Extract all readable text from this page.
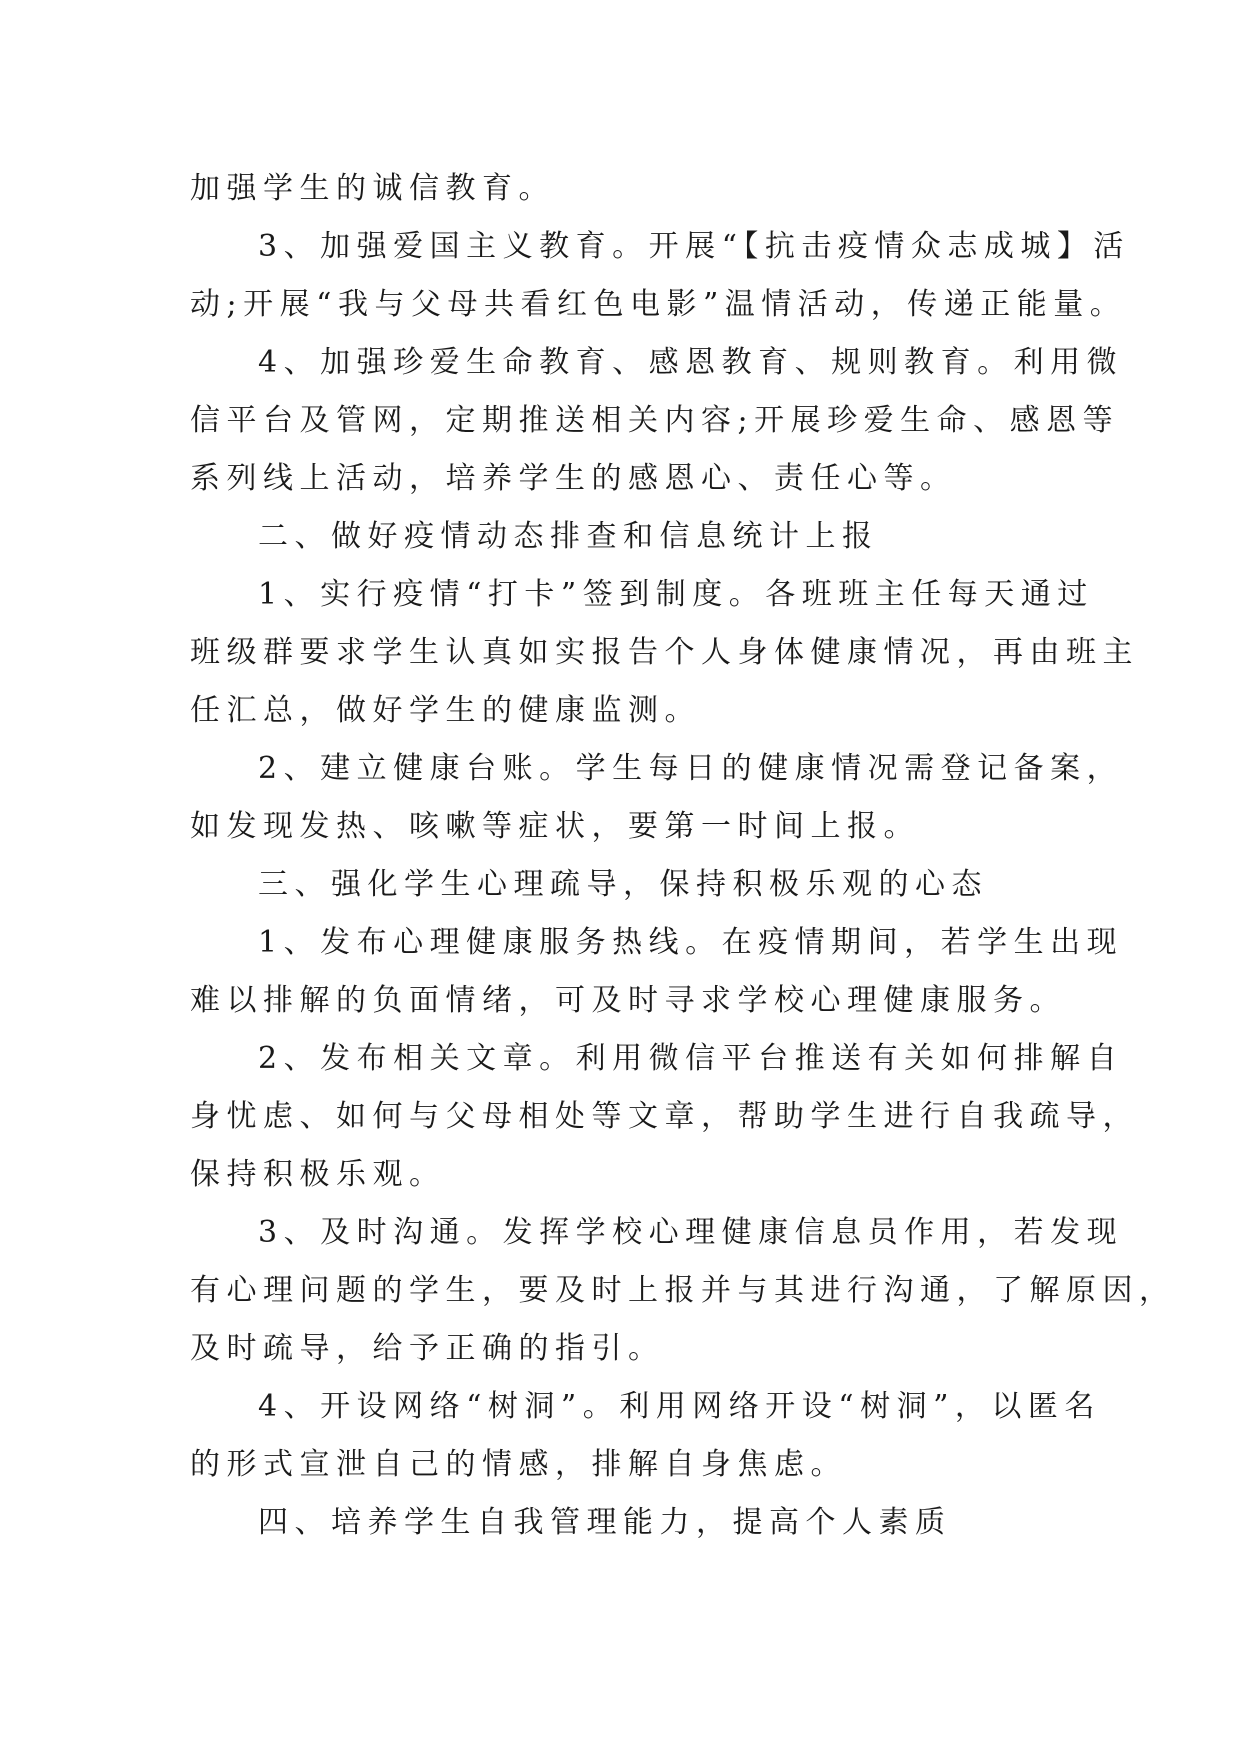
加强学生的诚信教育。

3、加强爱国主义教育。开展“【抗击疫情众志成城】活

动;开展“我与父母共看红色电影”温情活动，传递正能量。

4、加强珍爱生命教育、感恩教育、规则教育。利用微

信平台及管网，定期推送相关内容;开展珍爱生命、感恩等

系列线上活动，培养学生的感恩心、责任心等。

二、做好疫情动态排查和信息统计上报

1、实行疫情“打卡”签到制度。各班班主任每天通过

班级群要求学生认真如实报告个人身体健康情况，再由班主

任汇总，做好学生的健康监测。

2、建立健康台账。学生每日的健康情况需登记备案，

如发现发热、咳嗽等症状，要第一时间上报。

三、强化学生心理疏导，保持积极乐观的心态

1、发布心理健康服务热线。在疫情期间，若学生出现

难以排解的负面情绪，可及时寻求学校心理健康服务。

2、发布相关文章。利用微信平台推送有关如何排解自

身忧虑、如何与父母相处等文章，帮助学生进行自我疏导，

保持积极乐观。

3、及时沟通。发挥学校心理健康信息员作用，若发现

有心理问题的学生，要及时上报并与其进行沟通，了解原因，

及时疏导，给予正确的指引。

4、开设网络“树洞”。利用网络开设“树洞”，以匿名

的形式宣泄自己的情感，排解自身焦虑。

四、培养学生自我管理能力，提高个人素质
